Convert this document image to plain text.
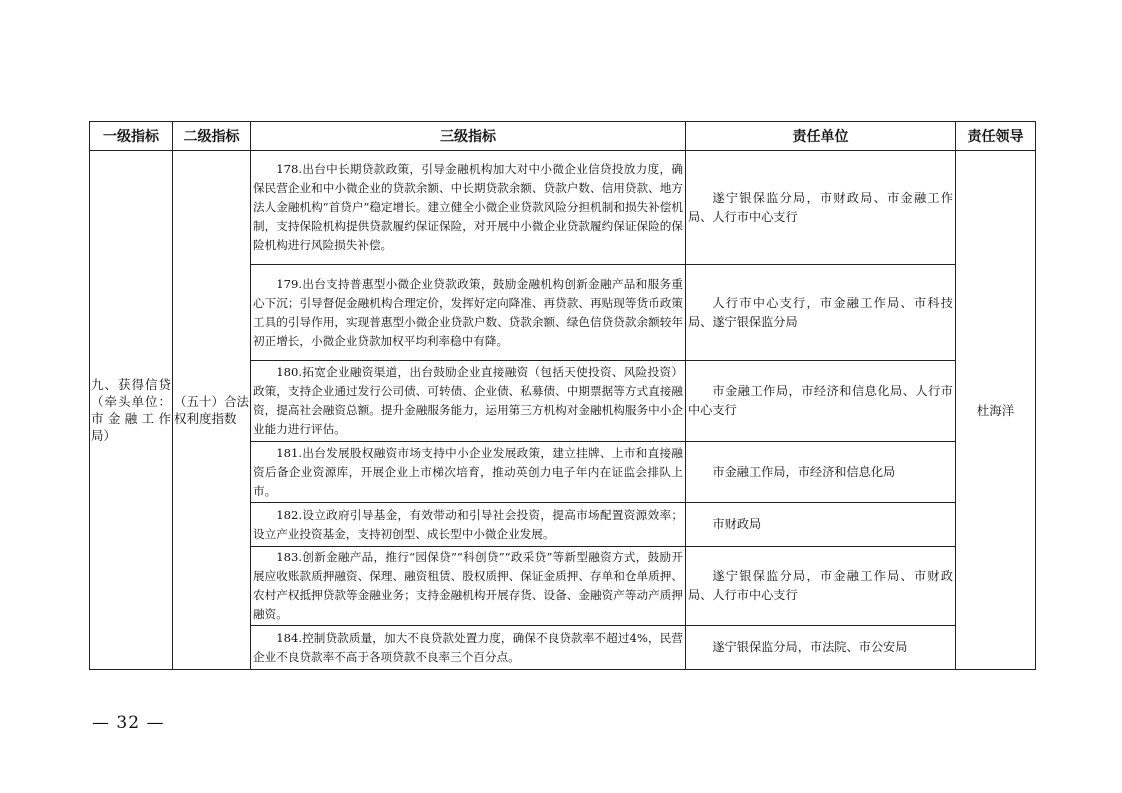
一级指标	二级指标	三级指标	责任单位	责任领导
九、获得信贷（牵头单位：市金融工作局）	（五十）合法权利度指数	178.出台中长期贷款政策，引导金融机构加大对中小微企业信贷投放力度，确保民营企业和中小微企业的贷款余额、中长期贷款余额、贷款户数、信用贷款、地方法人金融机构“首贷户”稳定增长。建立健全小微企业贷款风险分担机制和损失补偿机制，支持保险机构提供贷款履约保证保险，对开展中小微企业贷款履约保证保险的保险机构进行风险损失补偿。	遂宁银保监分局，市财政局、市金融工作局、人行市中心支行	杜海洋

		179.出台支持普惠型小微企业贷款政策，鼓励金融机构创新金融产品和服务重心下沉；引导督促金融机构合理定价，发挥好定向降准、再贷款、再贴现等货币政策工具的引导作用，实现普惠型小微企业贷款户数、贷款余额、绿色信贷贷款余额较年初正增长，小微企业贷款加权平均利率稳中有降。	人行市中心支行，市金融工作局、市科技局、遂宁银保监分局	

		180.拓宽企业融资渠道，出台鼓励企业直接融资（包括天使投资、风险投资）政策，支持企业通过发行公司债、可转债、企业债、私募债、中期票据等方式直接融资，提高社会融资总额。提升金融服务能力，运用第三方机构对金融机构服务中小企业能力进行评估。	市金融工作局，市经济和信息化局、人行市中心支行	

		181.出台发展股权融资市场支持中小企业发展政策，建立挂牌、上市和直接融资后备企业资源库，开展企业上市梯次培育，推动英创力电子年内在证监会排队上市。	市金融工作局，市经济和信息化局	

		182.设立政府引导基金，有效带动和引导社会投资，提高市场配置资源效率；设立产业投资基金，支持初创型、成长型中小微企业发展。	市财政局	

		183.创新金融产品，推行“园保贷”“科创贷”“政采贷”等新型融资方式，鼓励开展应收账款质押融资、保理、融资租赁、股权质押、保证金质押、存单和仓单质押、农村产权抵押贷款等金融业务；支持金融机构开展存货、设备、金融资产等动产质押融资。	遂宁银保监分局，市金融工作局、市财政局、人行市中心支行	

		184.控制贷款质量，加大不良贷款处置力度，确保不良贷款率不超过4%，民营企业不良贷款率不高于各项贷款不良率三个百分点。	遂宁银保监分局，市法院、市公安局	
— 32 —
